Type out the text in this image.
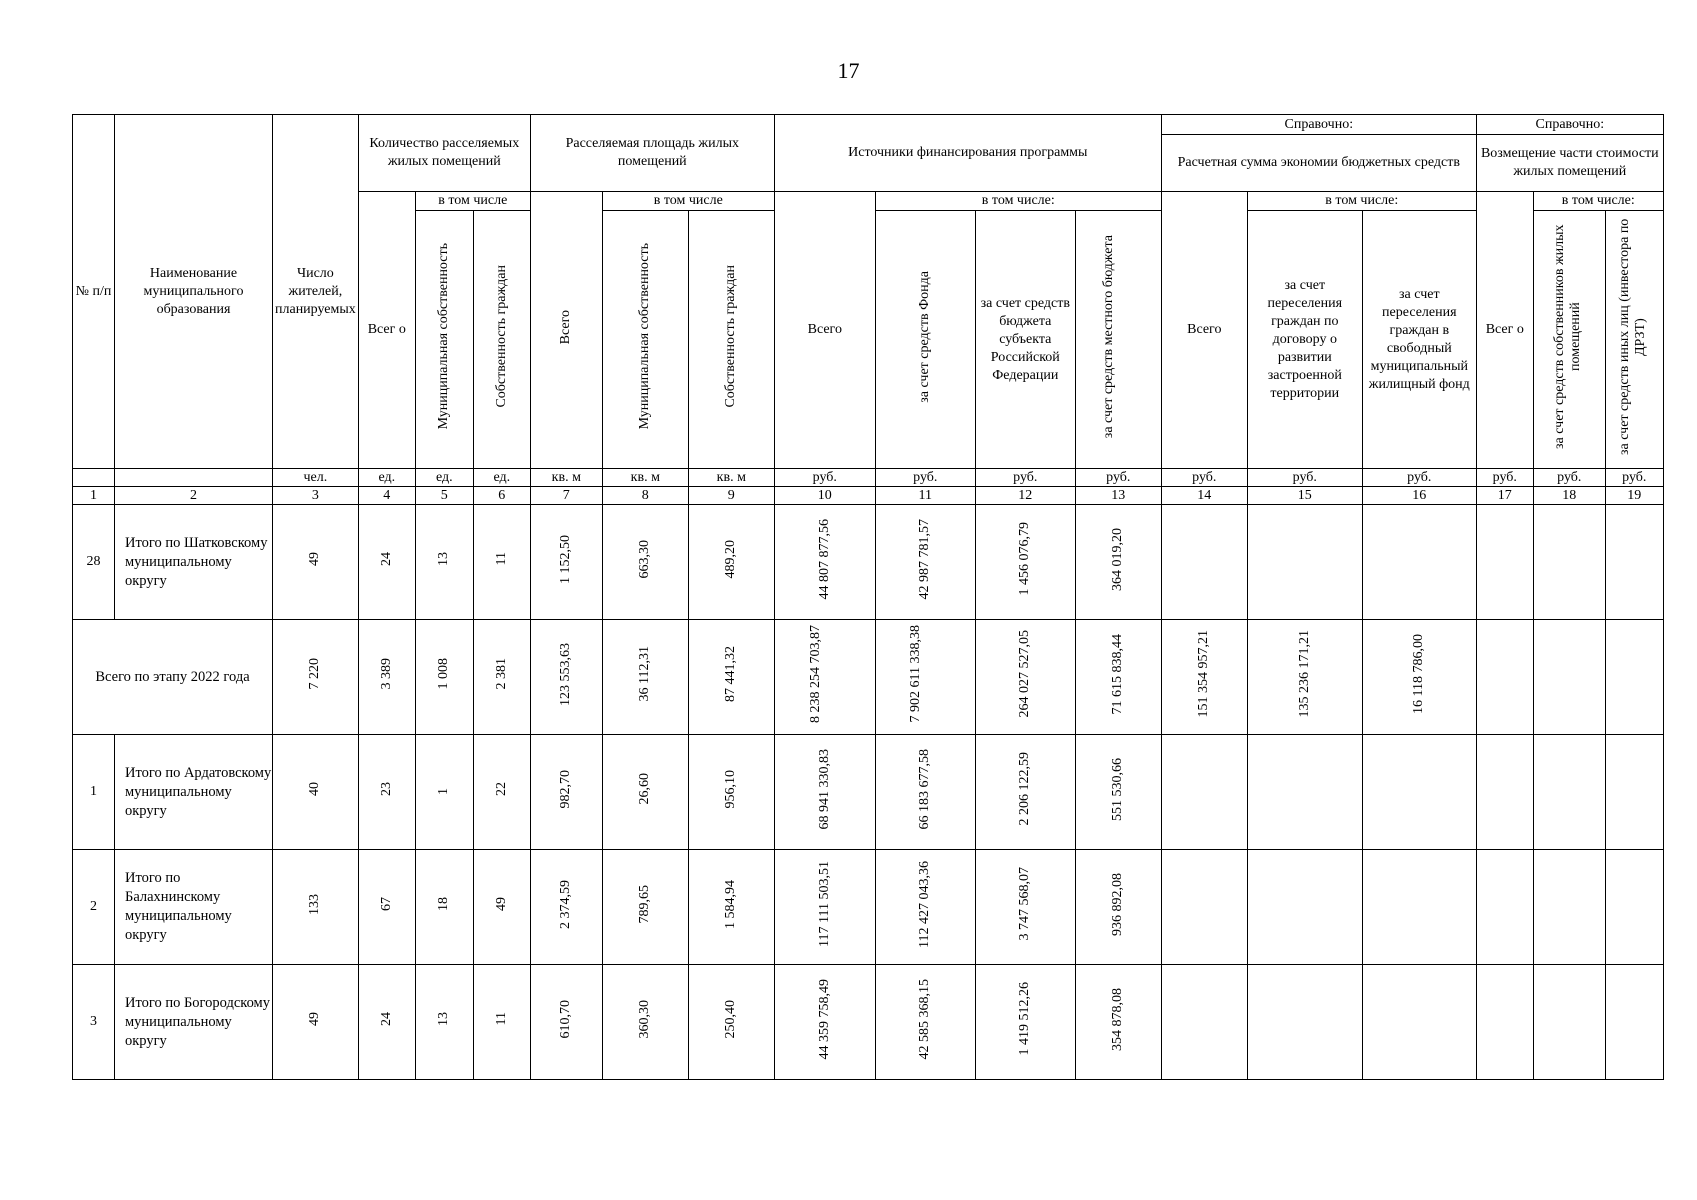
17
№ п/п	Наименование муниципального образования	Число жителей, планируемых	Количество расселяемых жилых помещений			Расселяемая площадь жилых помещений			Источники финансирования программы				Справочно:			Справочно:		

													Расчетная сумма экономии бюджетных средств			Возмещение части стоимости жилых помещений		

			Всег о	в том числе		Всего	в том числе		Всего	в том числе:			Всего	в том числе:		Всег о	в том числе:	
				Муниципальная собственность	Собственность граждан		Муниципальная собственность	Собственность граждан		за счет средств Фонда	за счет средств бюджета субъекта Российской Федерации	за счет средств местного бюджета		за счет переселения граждан по договору о развитии застроенной территории	за счет переселения граждан в свободный муниципальный жилищный фонд		за счет средств собственников жилых помещений	за счет средств иных лиц (инвестора по ДРЗТ)
		чел.	ед.	ед.	ед.	кв. м	кв. м	кв. м	руб.	руб.	руб.	руб.	руб.	руб.	руб.	руб.	руб.	руб.
1	2	3	4	5	6	7	8	9	10	11	12	13	14	15	16	17	18	19
28	Итого по Шатковскому муниципальному округу	49	24	13	11	1 152,50	663,30	489,20	44 807 877,56	42 987 781,57	1 456 076,79	364 019,20						
Всего по этапу 2022 года		7 220	3 389	1 008	2 381	123 553,63	36 112,31	87 441,32	8 238 254 703,87	7 902 611 338,38	264 027 527,05	71 615 838,44	151 354 957,21	135 236 171,21	16 118 786,00			
1	Итого по Ардатовскому муниципальному округу	40	23	1	22	982,70	26,60	956,10	68 941 330,83	66 183 677,58	2 206 122,59	551 530,66						
2	Итого по Балахнинскому муниципальному округу	133	67	18	49	2 374,59	789,65	1 584,94	117 111 503,51	112 427 043,36	3 747 568,07	936 892,08						
3	Итого по Богородскому муниципальному округу	49	24	13	11	610,70	360,30	250,40	44 359 758,49	42 585 368,15	1 419 512,26	354 878,08						
